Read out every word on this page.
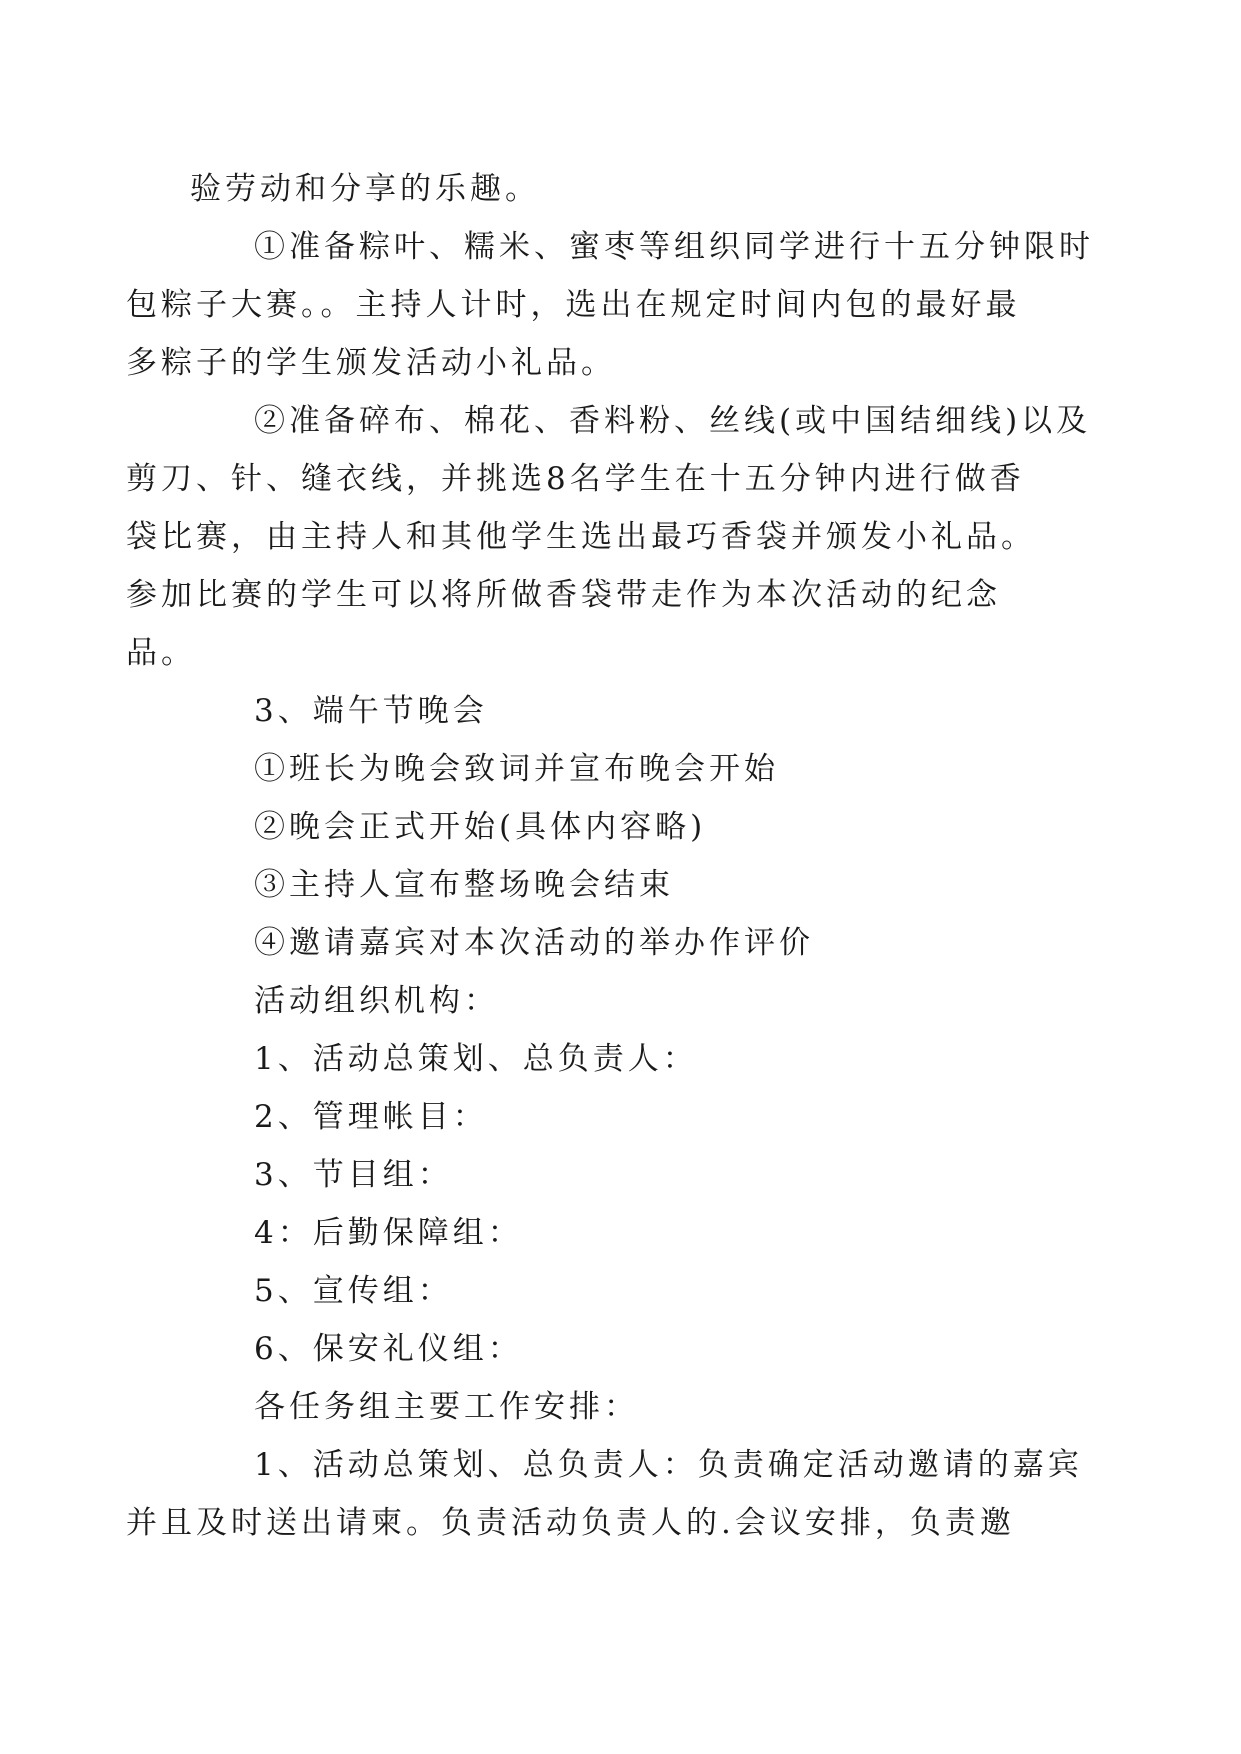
验劳动和分享的乐趣。
①准备粽叶、糯米、蜜枣等组织同学进行十五分钟限时
包粽子大赛。。主持人计时，选出在规定时间内包的最好最
多粽子的学生颁发活动小礼品。
②准备碎布、棉花、香料粉、丝线(或中国结细线)以及
剪刀、针、缝衣线，并挑选8名学生在十五分钟内进行做香
袋比赛，由主持人和其他学生选出最巧香袋并颁发小礼品。
参加比赛的学生可以将所做香袋带走作为本次活动的纪念
品。
3、端午节晚会
①班长为晚会致词并宣布晚会开始
②晚会正式开始(具体内容略)
③主持人宣布整场晚会结束
④邀请嘉宾对本次活动的举办作评价
活动组织机构：
1、活动总策划、总负责人：
2、管理帐目：
3、节目组：
4：后勤保障组：
5、宣传组：
6、保安礼仪组：
各任务组主要工作安排：
1、活动总策划、总负责人：负责确定活动邀请的嘉宾
并且及时送出请柬。负责活动负责人的.会议安排，负责邀
